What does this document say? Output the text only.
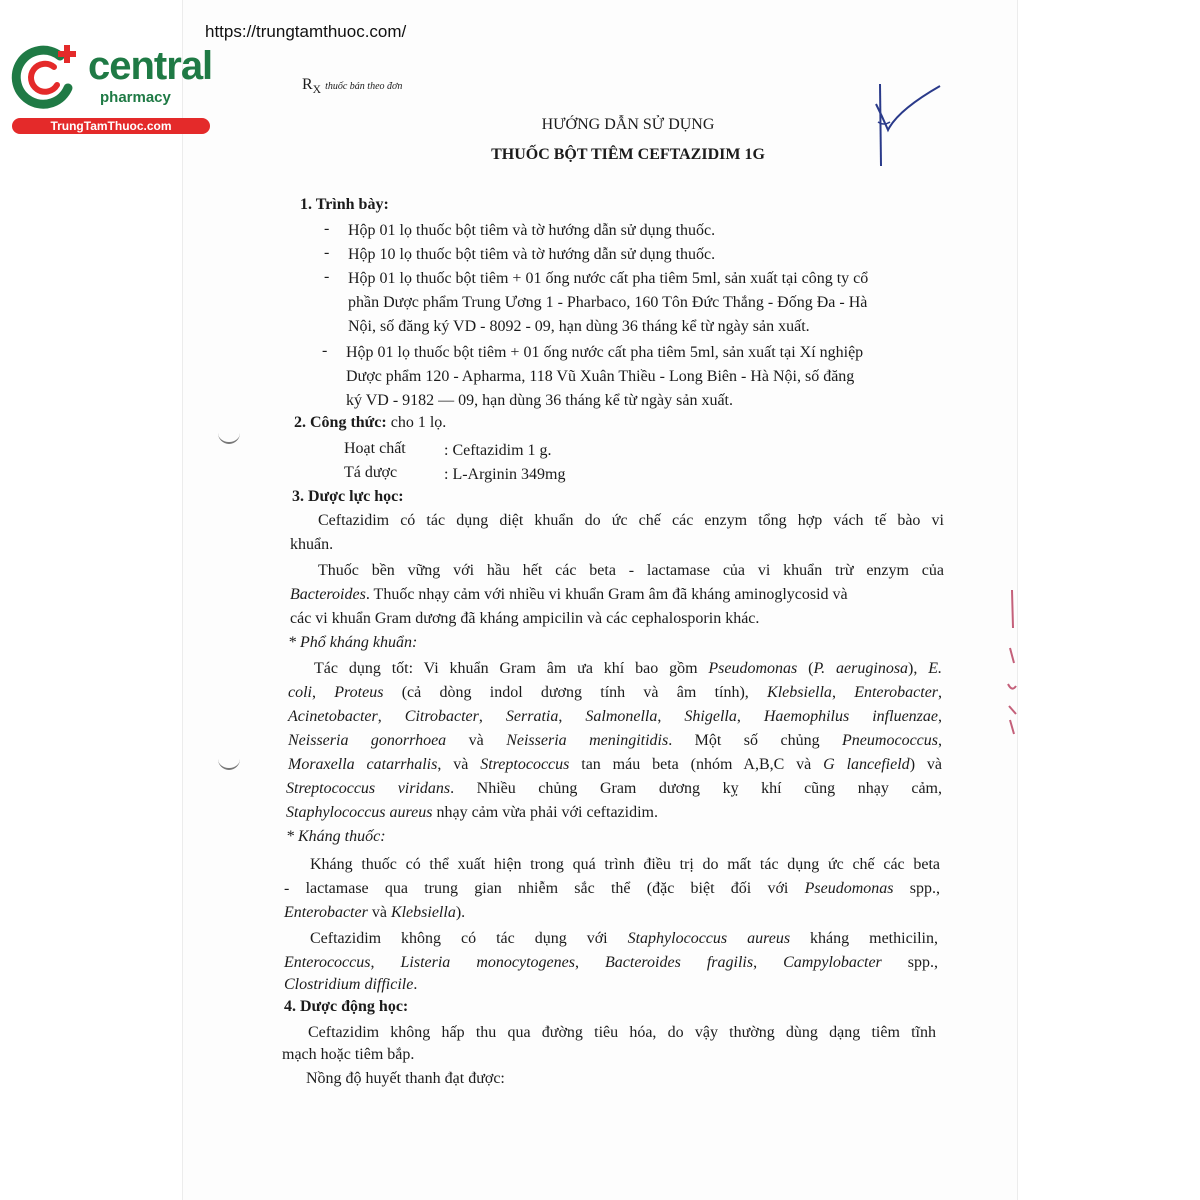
central
pharmacy
TrungTamThuoc.com
https://trungtamthuoc.com/
$R_X$ thuốc bán theo đơn
HƯỚNG DẪN SỬ DỤNG
THUỐC BỘT TIÊM CEFTAZIDIM 1G
1. Trình bày:
- Hộp 01 lọ thuốc bột tiêm và tờ hướng dẫn sử dụng thuốc.
- Hộp 10 lọ thuốc bột tiêm và tờ hướng dẫn sử dụng thuốc.
- Hộp 01 lọ thuốc bột tiêm + 01 ống nước cất pha tiêm 5ml, sản xuất tại công ty cổ
phần Dược phẩm Trung Ương 1 - Pharbaco, 160 Tôn Đức Thắng - Đống Đa - Hà
Nội, số đăng ký VD - 8092 - 09, hạn dùng 36 tháng kể từ ngày sản xuất.
- Hộp 01 lọ thuốc bột tiêm + 01 ống nước cất pha tiêm 5ml, sản xuất tại Xí nghiệp
Dược phẩm 120 - Apharma, 118 Vũ Xuân Thiều - Long Biên - Hà Nội, số đăng
ký VD - 9182 — 09, hạn dùng 36 tháng kể từ ngày sản xuất.
2. Công thức: cho 1 lọ.
Hoạt chất : Ceftazidim 1 g.
Tá dược	: L-Arginin 349mg
3. Dược lực học:
Ceftazidim có tác dụng diệt khuẩn do ức chế các enzym tổng hợp vách tế bào vi
khuẩn.
Thuốc bền vững với hầu hết các beta - lactamase của vi khuẩn trừ enzym của
Bacteroides. Thuốc nhạy cảm với nhiều vi khuẩn Gram âm đã kháng aminoglycosid và
các vi khuẩn Gram dương đã kháng ampicilin và các cephalosporin khác.
* Phổ kháng khuẩn:
Tác dụng tốt: Vi khuẩn Gram âm ưa khí bao gồm Pseudomonas (P. aeruginosa), E.
coli, Proteus (cả dòng indol dương tính và âm tính), Klebsiella, Enterobacter,
Acinetobacter, Citrobacter, Serratia, Salmonella, Shigella, Haemophilus influenzae,
Neisseria gonorrhoea và Neisseria meningitidis. Một số chủng Pneumococcus,
Moraxella catarrhalis, và Streptococcus tan máu beta (nhóm A,B,C và G lancefield) và
Streptococcus viridans. Nhiều chủng Gram dương kỵ khí cũng nhạy cảm,
Staphylococcus aureus nhạy cảm vừa phải với ceftazidim.
* Kháng thuốc:
Kháng thuốc có thể xuất hiện trong quá trình điều trị do mất tác dụng ức chế các beta
- lactamase qua trung gian nhiễm sắc thể (đặc biệt đối với Pseudomonas spp.,
Enterobacter và Klebsiella).
Ceftazidim không có tác dụng với Staphylococcus aureus kháng methicilin,
Enterococcus, Listeria monocytogenes, Bacteroides fragilis, Campylobacter spp.,
Clostridium difficile.
4. Dược động học:
Ceftazidim không hấp thu qua đường tiêu hóa, do vậy thường dùng dạng tiêm tĩnh
mạch hoặc tiêm bắp.
Nồng độ huyết thanh đạt được:
